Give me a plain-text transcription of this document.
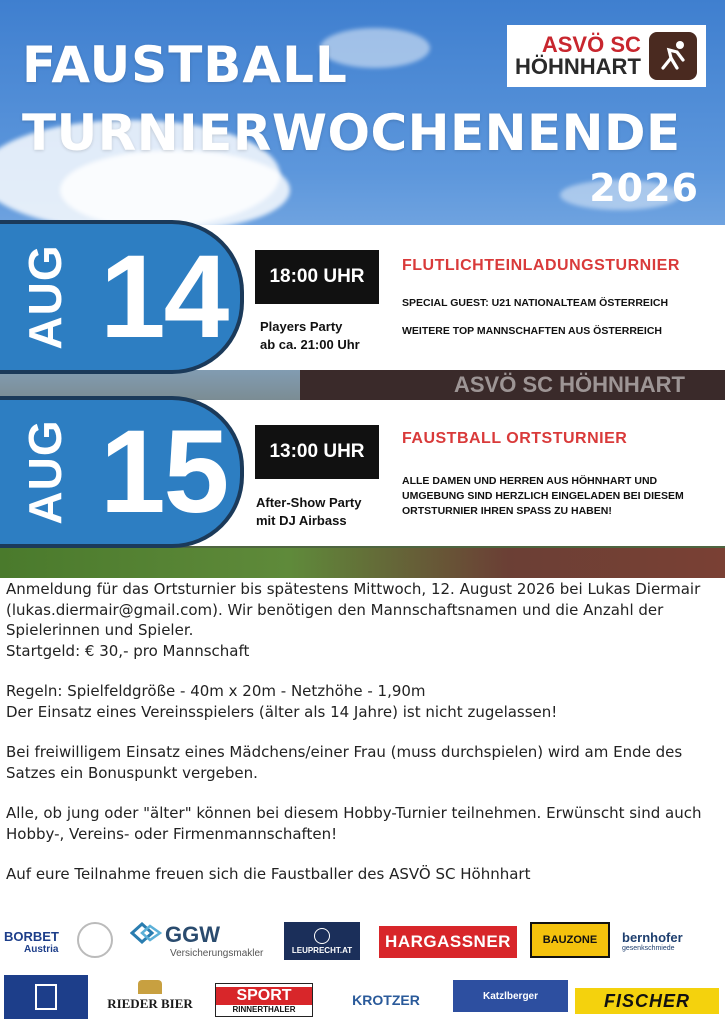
ASVÖ SC HÖHNHART
FAUSTBALL
TURNIERWOCHENENDE
2026
ASVÖ SC
HÖHNHART
AUG 14	18:00 UHR
Players Party
ab ca. 21:00 Uhr
FLUTLICHTEINLADUNGSTURNIER
SPECIAL GUEST: U21 NATIONALTEAM ÖSTERREICH
WEITERE TOP MANNSCHAFTEN AUS ÖSTERREICH
AUG 15	13:00 UHR
After-Show Party
mit DJ Airbass
FAUSTBALL ORTSTURNIER
ALLE DAMEN UND HERREN AUS HÖHNHART UND UMGEBUNG SIND HERZLICH EINGELADEN BEI DIESEM ORTSTURNIER IHREN SPASS ZU HABEN!

Anmeldung für das Ortsturnier bis spätestens Mittwoch, 12. August 2026 bei Lukas Diermair (lukas.diermair@gmail.com). Wir benötigen den Mannschaftsnamen und die Anzahl der Spielerinnen und Spieler.

Startgeld: € 30,- pro Mannschaft

Regeln: Spielfeldgröße - 40m x 20m - Netzhöhe - 1,90m

Der Einsatz eines Vereinsspielers (älter als 14 Jahre) ist nicht zugelassen!

Bei freiwilligem Einsatz eines Mädchens/einer Frau (muss durchspielen) wird am Ende des Satzes ein Bonuspunkt vergeben.

Alle, ob jung oder "älter" können bei diesem Hobby-Turnier teilnehmen. Erwünscht sind auch Hobby-, Vereins- oder Firmenmannschaften!

Auf eure Teilnahme freuen sich die Faustballer des ASVÖ SC Höhnhart

BORBET
Austria
GGW
Versicherungsmakler	LEUPRECHT.AT	HARGASSNER	BAUZONE	bernhofer
gesenkschmiede
RIEDER BIER	SPORT
RINNERTHALER
KROTZER	Katzlberger	FISCHER
